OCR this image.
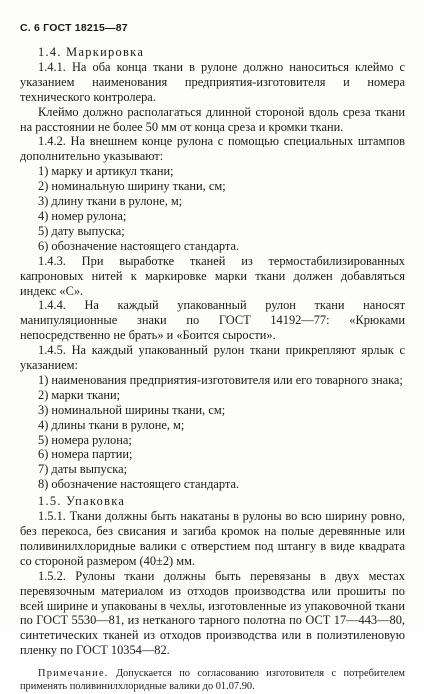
С. 6 ГОСТ 18215—87

1.4. Маркировка

1.4.1. На оба конца ткани в рулоне должно наноситься клеймо с указанием наименования предприятия-изготовителя и номера технического контролера.

Клеймо должно располагаться длинной стороной вдоль среза ткани на расстоянии не более 50 мм от конца среза и кромки ткани.

1.4.2. На внешнем конце рулона с помощью специальных штампов дополнительно указывают:

1) марку и артикул ткани;

2) номинальную ширину ткани, см;

3) длину ткани в рулоне, м;

4) номер рулона;

5) дату выпуска;

6) обозначение настоящего стандарта.

1.4.3. При выработке тканей из термостабилизированных капроновых нитей к маркировке марки ткани должен добавляться индекс «С».

1.4.4. На каждый упакованный рулон ткани наносят манипуляционные знаки по ГОСТ 14192—77: «Крюками непосредственно не брать» и «Боится сырости».

1.4.5. На каждый упакованный рулон ткани прикрепляют ярлык с указанием:

1) наименования предприятия-изготовителя или его товарного знака;

2) марки ткани;

3) номинальной ширины ткани, см;

4) длины ткани в рулоне, м;

5) номера рулона;

6) номера партии;

7) даты выпуска;

8) обозначение настоящего стандарта.

1.5. Упаковка

1.5.1. Ткани должны быть накатаны в рулоны во всю ширину ровно, без перекоса, без свисания и загиба кромок на полые деревянные или поливинилхлоридные валики с отверстием под штангу в виде квадрата со стороной размером (40±2) мм.

1.5.2. Рулоны ткани должны быть перевязаны в двух местах перевязочным материалом из отходов производства или прошиты по всей ширине и упакованы в чехлы, изготовленные из упаковочной ткани по ГОСТ 5530—81, из нетканого тарного полотна по ОСТ 17—443—80, синтетических тканей из отходов производства или в полиэтиленовую пленку по ГОСТ 10354—82.

Примечание. Допускается по согласованию изготовителя с потребителем применять поливинилхлоридные валики до 01.07.90.
